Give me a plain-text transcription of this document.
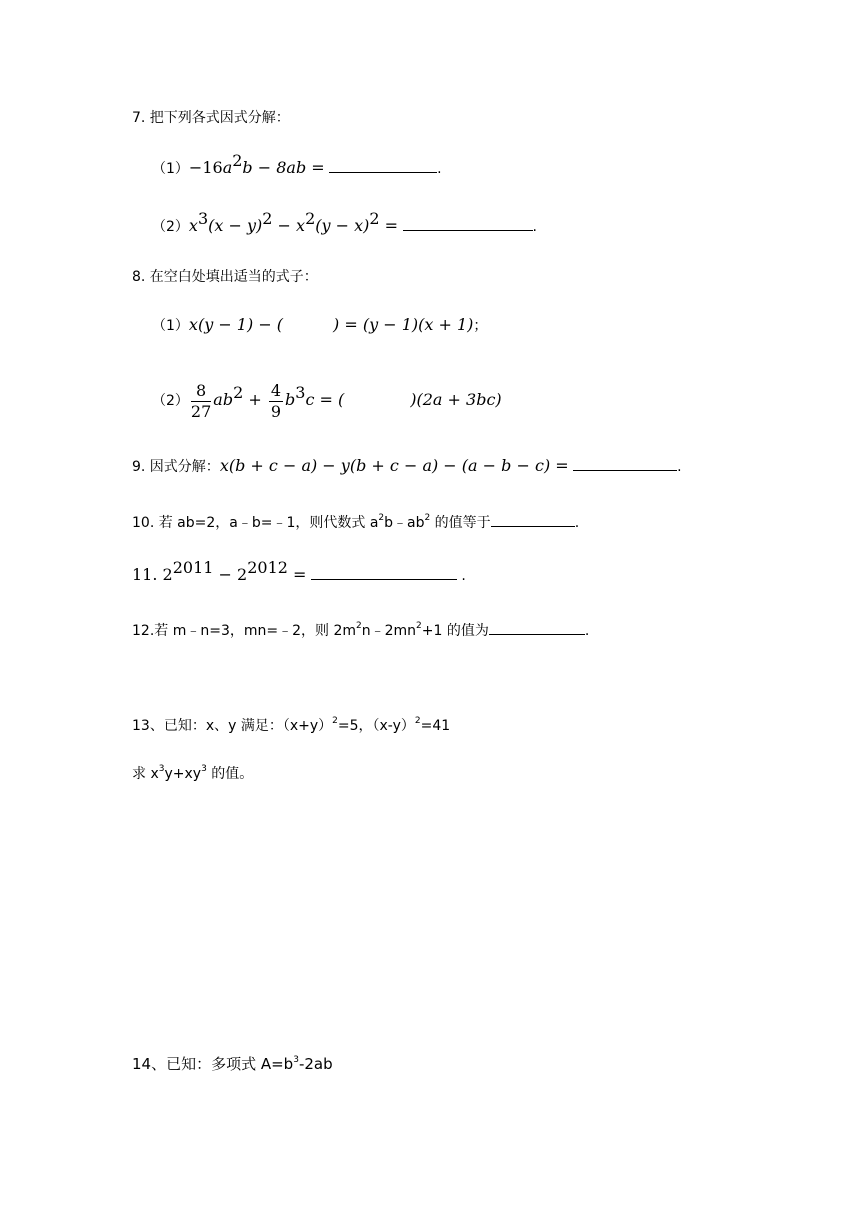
7. 把下列各式因式分解：
$(1)-16a^2b - 8ab$ =	.
$(2)x^3(x - y)^2 - x^2(y - x)^2$ =	.
8. 在空白处填出适当的式子：
（1）x(y − 1) − (	) = (y − 1)(x + 1)；
$(2) \frac{8}{27} ab^2 + \frac{4}{9} b^3c$ = (	)(2a + 3bc)
9. 因式分解：x(b + c − a) − y(b + c − a) − (a − b − c) =	.
10. 若 ab=2，a﹣b=﹣1，则代数式 $a^2b﹣ab^2$ 的值等于	.
11. $2^{2011} - 2^{2012}$ =	.
12.若 m﹣n=3，mn=﹣2，则 $2m^2n﹣2mn^2+1$ 的值为	.
13、已知：x、y 满足：$(x+y)^2=5$，$(x-y)^2=41$
求 $x^3y+xy^3$ 的值。
14、已知：多项式 $A=b^3-2ab$
